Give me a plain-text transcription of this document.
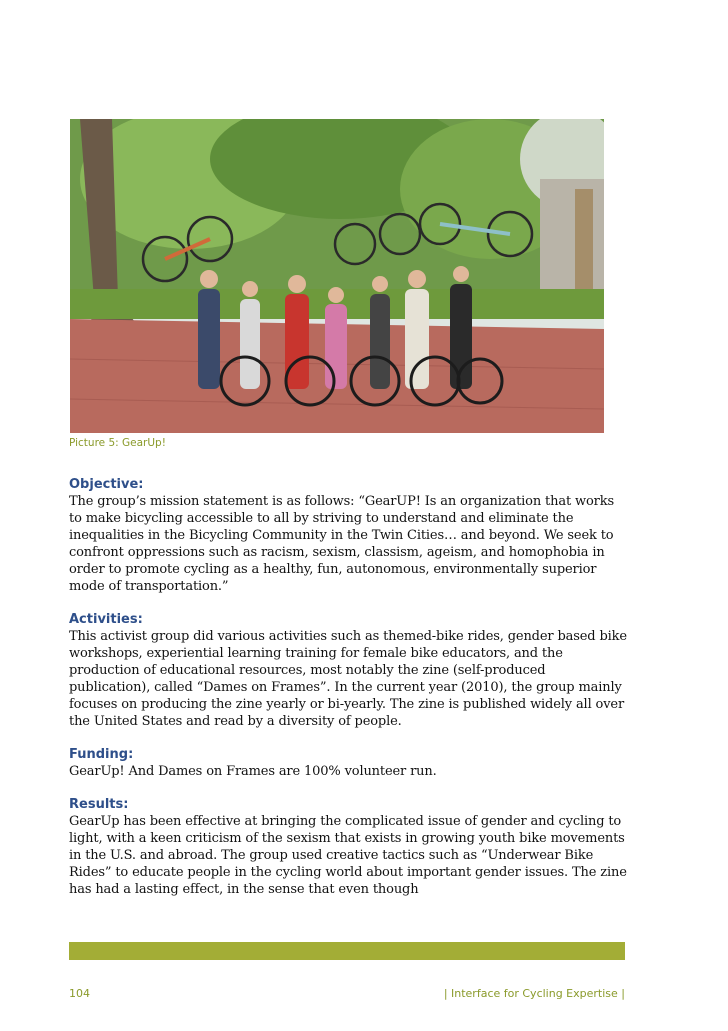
Picture 5: GearUp!

Objective:

The group’s mission statement is as follows: “GearUP! Is an organization that works to make bicycling accessible to all by striving to understand and eliminate the inequalities in the Bicycling Community in the Twin Cities… and beyond. We seek to confront oppressions such as racism, sexism, classism, ageism, and homophobia in order to promote cycling as a healthy, fun, autonomous, environmentally superior mode of transportation.”

Activities:

This activist group did various activities such as themed-bike rides, gender based bike workshops, experiential learning training for female bike educators, and the production of educational resources, most notably the zine (self-produced publication), called “Dames on Frames”. In the current year (2010), the group mainly focuses on producing the zine yearly or bi-yearly. The zine is published widely all over the United States and read by a diversity of people.

Funding:

GearUp! And Dames on Frames are 100% volunteer run.

Results:

GearUp has been effective at bringing the complicated issue of gender and cycling to light, with a keen criticism of the sexism that exists in growing youth bike movements in the U.S. and abroad. The group used creative tactics such as “Underwear Bike Rides” to educate people in the cycling world about important gender issues. The zine has had a lasting effect, in the sense that even though

104	| Interface for Cycling Expertise |
